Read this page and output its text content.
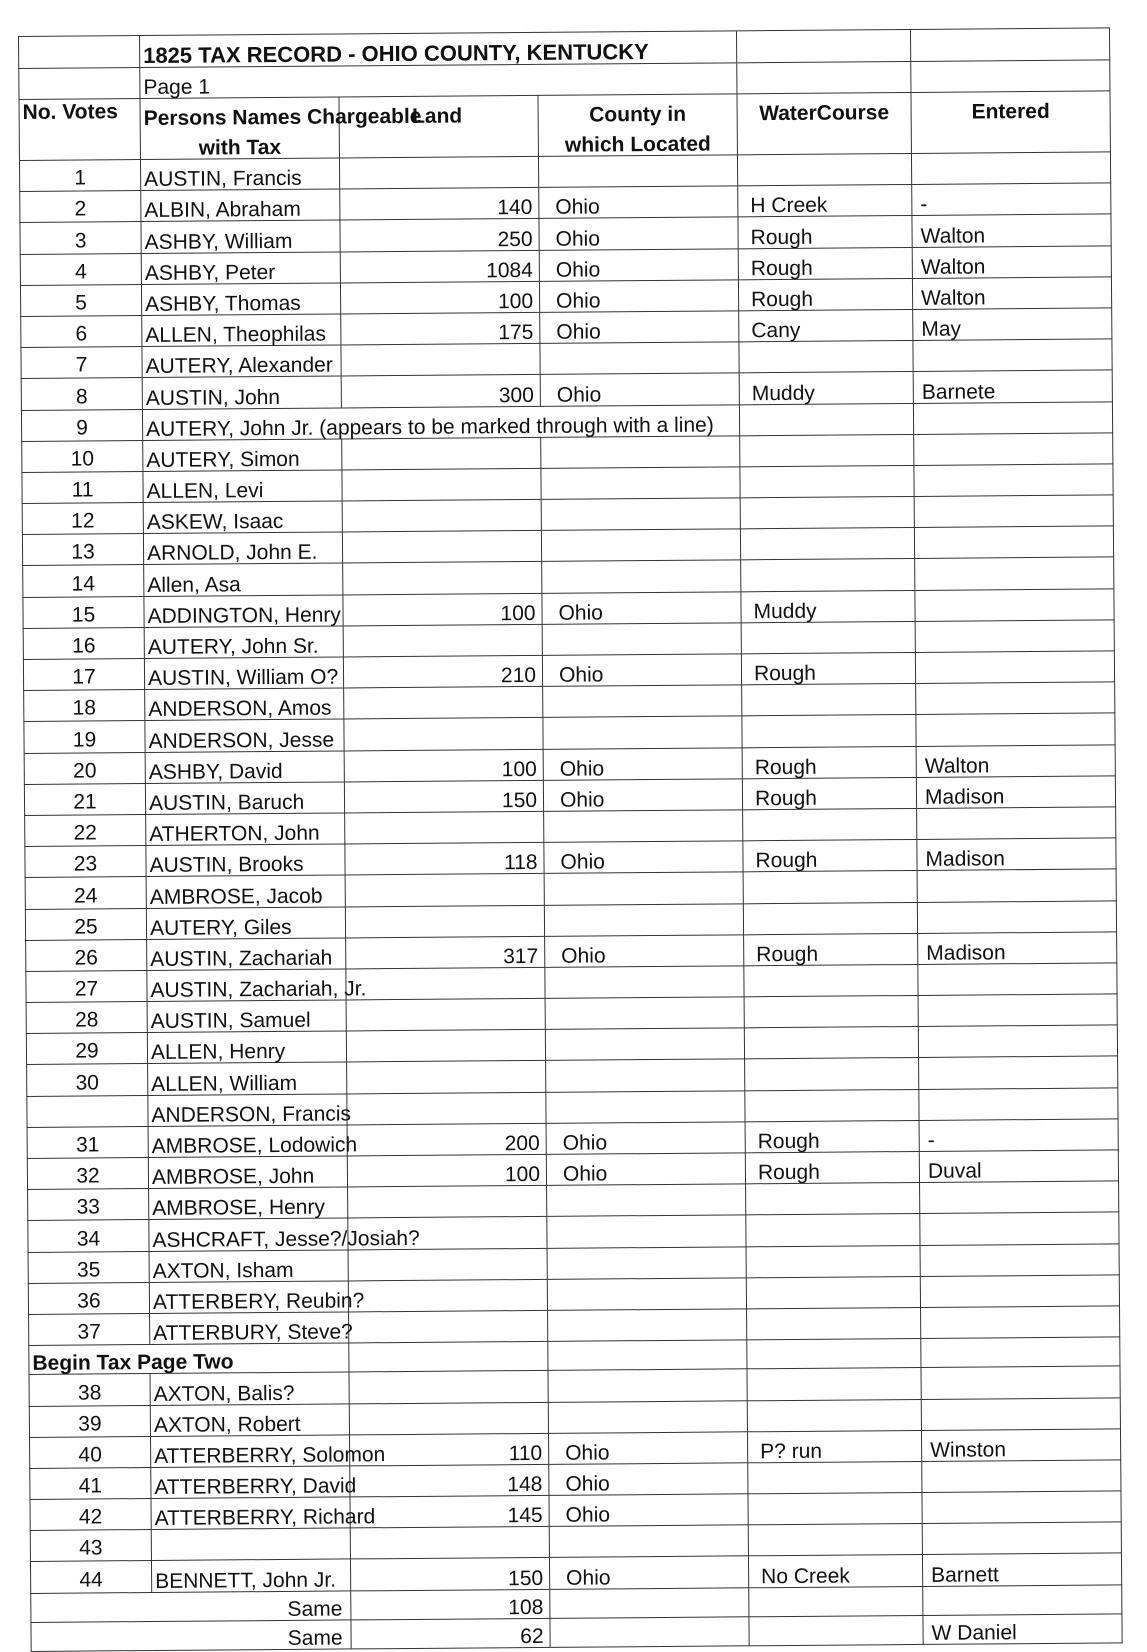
	1825 TAX RECORD - OHIO COUNTY, KENTUCKY				
	Page 1				
No. Votes	Persons Names Chargeable	Land	County in	WaterCourse	Entered
	with Tax		which Located		
1	AUSTIN, Francis				
2	ALBIN, Abraham	140	Ohio	H Creek	-
3	ASHBY, William	250	Ohio	Rough	Walton
4	ASHBY, Peter	1084	Ohio	Rough	Walton
5	ASHBY, Thomas	100	Ohio	Rough	Walton
6	ALLEN, Theophilas	175	Ohio	Cany	May
7	AUTERY, Alexander				
8	AUSTIN, John	300	Ohio	Muddy	Barnete
9	AUTERY, John Jr. (appears to be marked through with a line)				
10	AUTERY, Simon				
11	ALLEN, Levi				
12	ASKEW, Isaac				
13	ARNOLD, John E.				
14	Allen, Asa				
15	ADDINGTON, Henry	100	Ohio	Muddy	
16	AUTERY, John Sr.				
17	AUSTIN, William O?	210	Ohio	Rough	
18	ANDERSON, Amos				
19	ANDERSON, Jesse				
20	ASHBY, David	100	Ohio	Rough	Walton
21	AUSTIN, Baruch	150	Ohio	Rough	Madison
22	ATHERTON, John				
23	AUSTIN, Brooks	118	Ohio	Rough	Madison
24	AMBROSE, Jacob				
25	AUTERY, Giles				
26	AUSTIN, Zachariah	317	Ohio	Rough	Madison
27	AUSTIN, Zachariah, Jr.				
28	AUSTIN, Samuel				
29	ALLEN, Henry				
30	ALLEN, William				
	ANDERSON, Francis				
31	AMBROSE, Lodowich	200	Ohio	Rough	-
32	AMBROSE, John	100	Ohio	Rough	Duval
33	AMBROSE, Henry				
34	ASHCRAFT, Jesse?/Josiah?				
35	AXTON, Isham				
36	ATTERBERY, Reubin?				
37	ATTERBURY, Steve?				
Begin Tax Page Two					
38	AXTON, Balis?				
39	AXTON, Robert				
40	ATTERBERRY, Solomon	110	Ohio	P? run	Winston
41	ATTERBERRY, David	148	Ohio		
42	ATTERBERRY, Richard	145	Ohio		
43					
44	BENNETT, John Jr.	150	Ohio	No Creek	Barnett
Same		108			
Same		62			W Daniel
